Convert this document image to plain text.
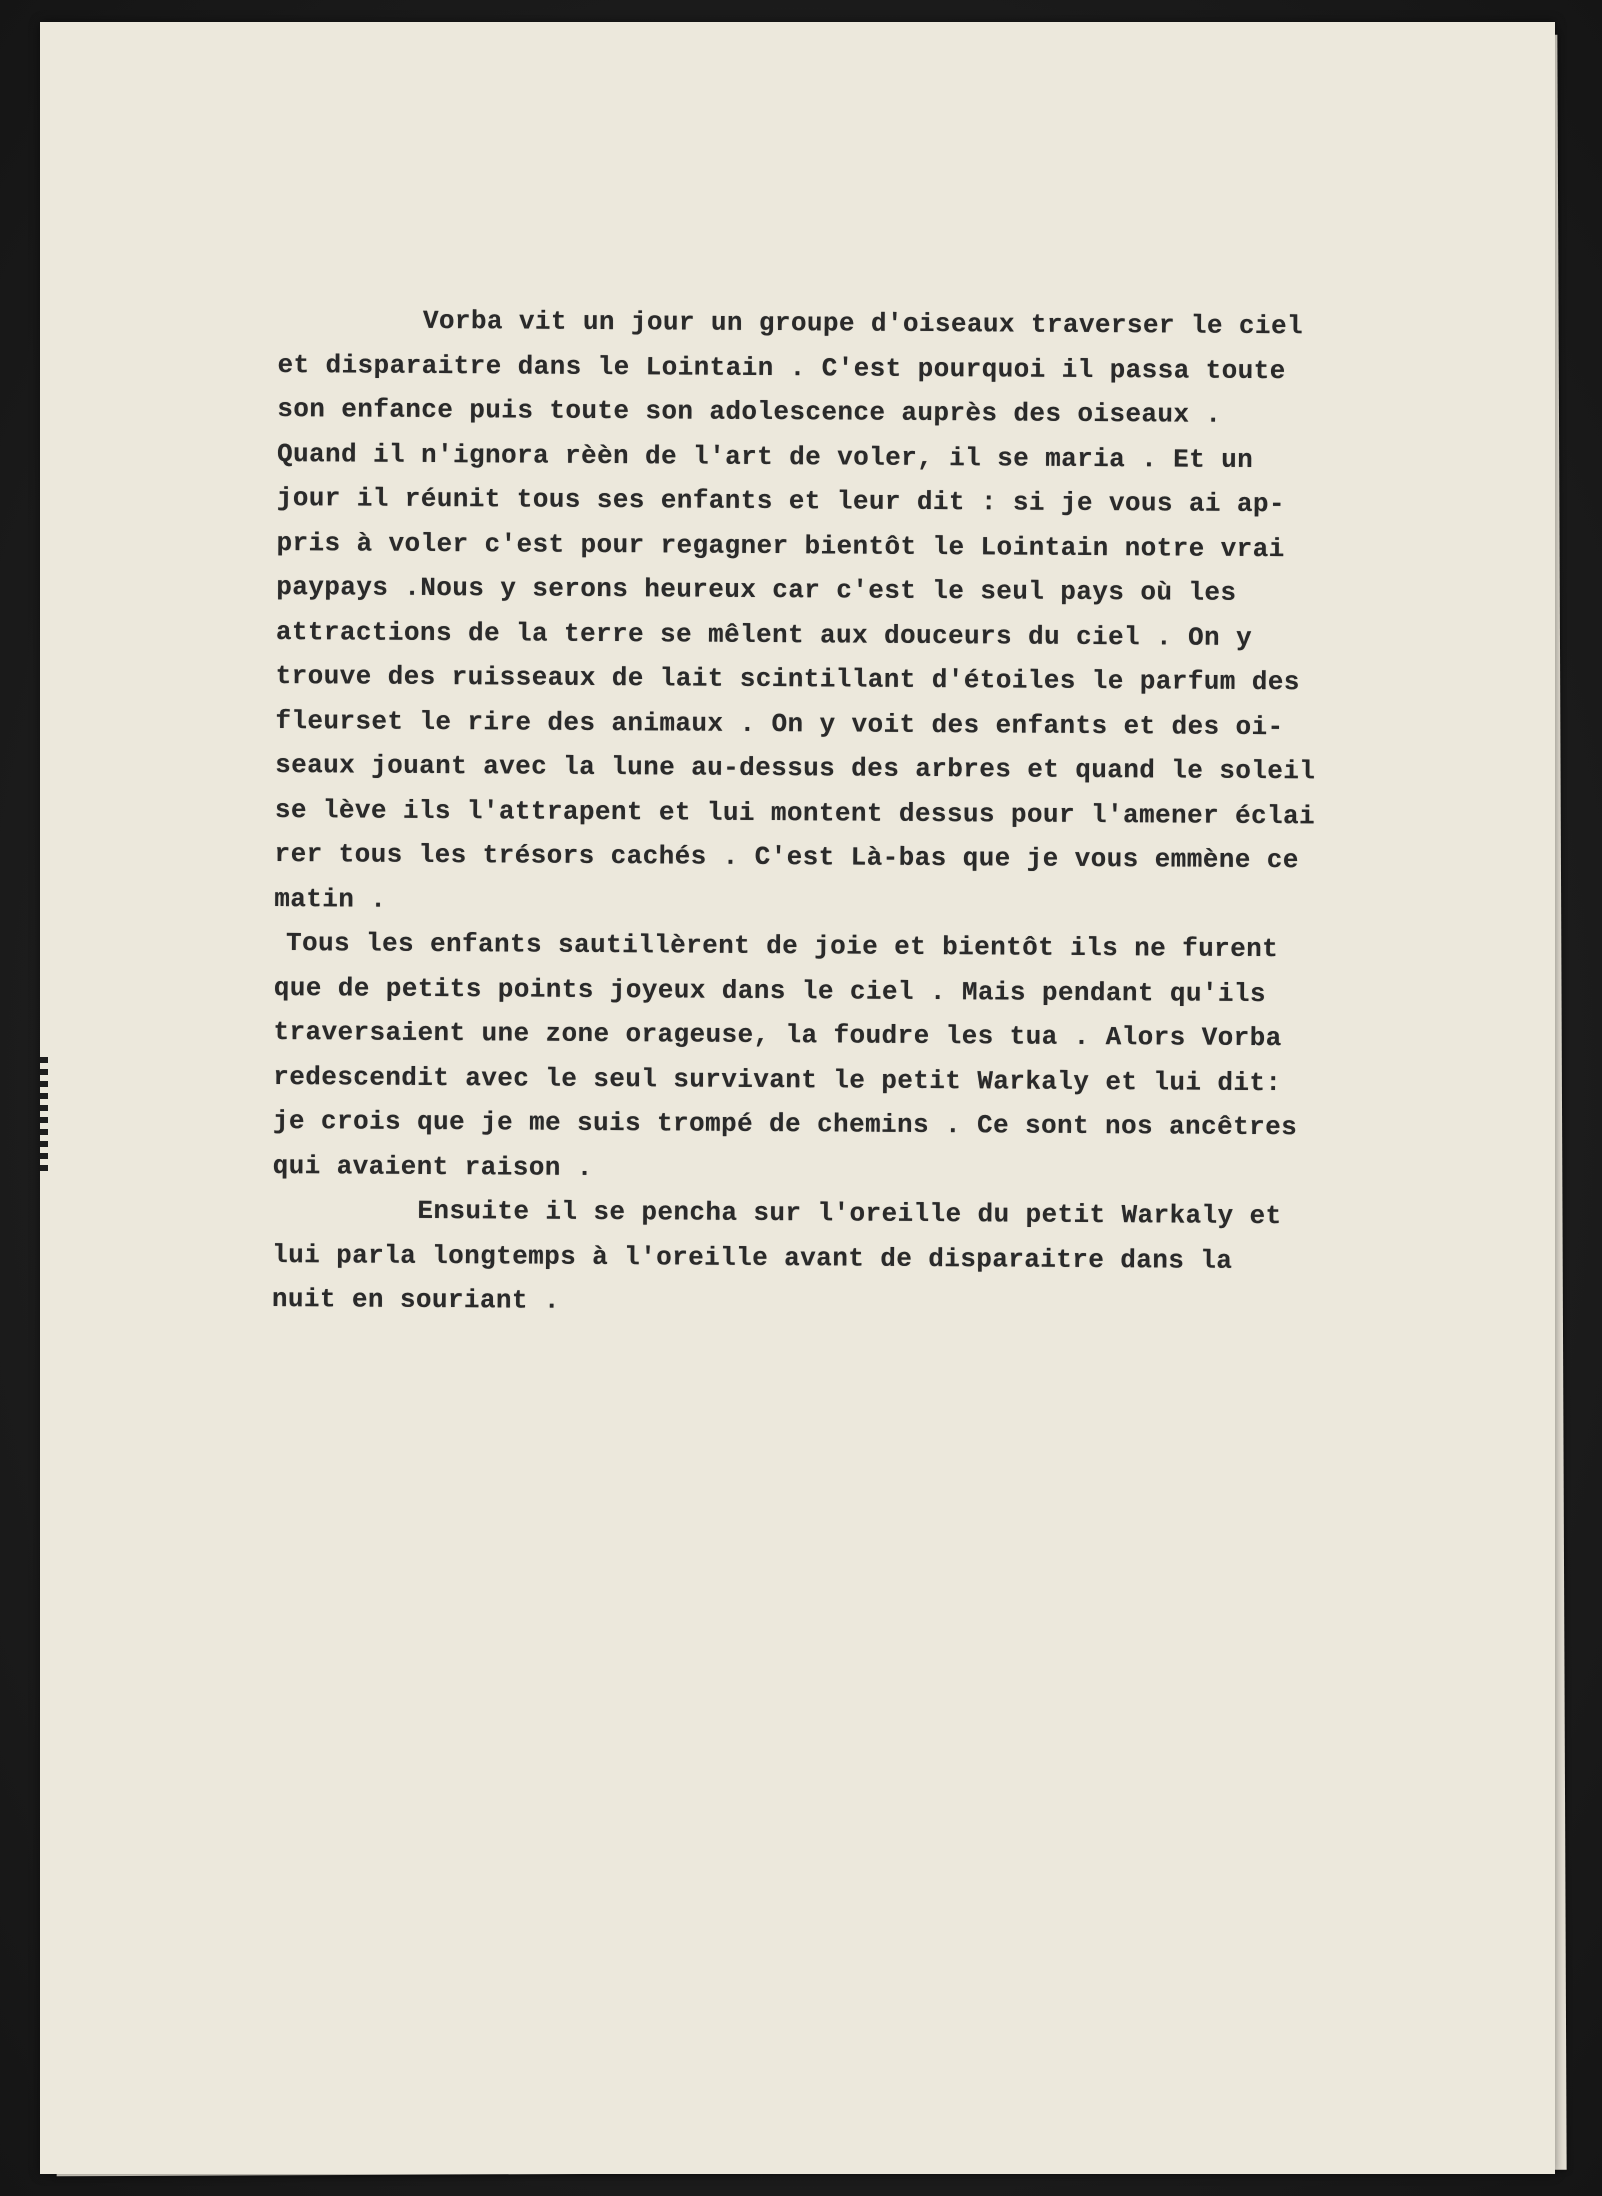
Vorba vit un jour un groupe d'oiseaux traverser le ciel
et disparaitre dans le Lointain . C'est pourquoi il passa toute
son enfance puis toute son adolescence auprès des oiseaux .
Quand il n'ignora rèèn de l'art de voler, il se maria . Et un
jour il réunit tous ses enfants et leur dit : si je vous ai ap-
pris à voler c'est pour regagner bientôt le Lointain notre vrai
paypays .Nous y serons heureux car c'est le seul pays où les
attractions de la terre se mêlent aux douceurs du ciel . On y
trouve des ruisseaux de lait scintillant d'étoiles le parfum des
fleurset le rire des animaux . On y voit des enfants et des oi-
seaux jouant avec la lune au-dessus des arbres et quand le soleil
se lève ils l'attrapent et lui montent dessus pour l'amener éclai
rer tous les trésors cachés . C'est Là-bas que je vous emmène ce
matin .
Tous les enfants sautillèrent de joie et bientôt ils ne furent
que de petits points joyeux dans le ciel . Mais pendant qu'ils
traversaient une zone orageuse, la foudre les tua . Alors Vorba
redescendit avec le seul survivant le petit Warkaly et lui dit:
je crois que je me suis trompé de chemins . Ce sont nos ancêtres
qui avaient raison .
Ensuite il se pencha sur l'oreille du petit Warkaly et
lui parla longtemps à l'oreille avant de disparaitre dans la
nuit en souriant .
